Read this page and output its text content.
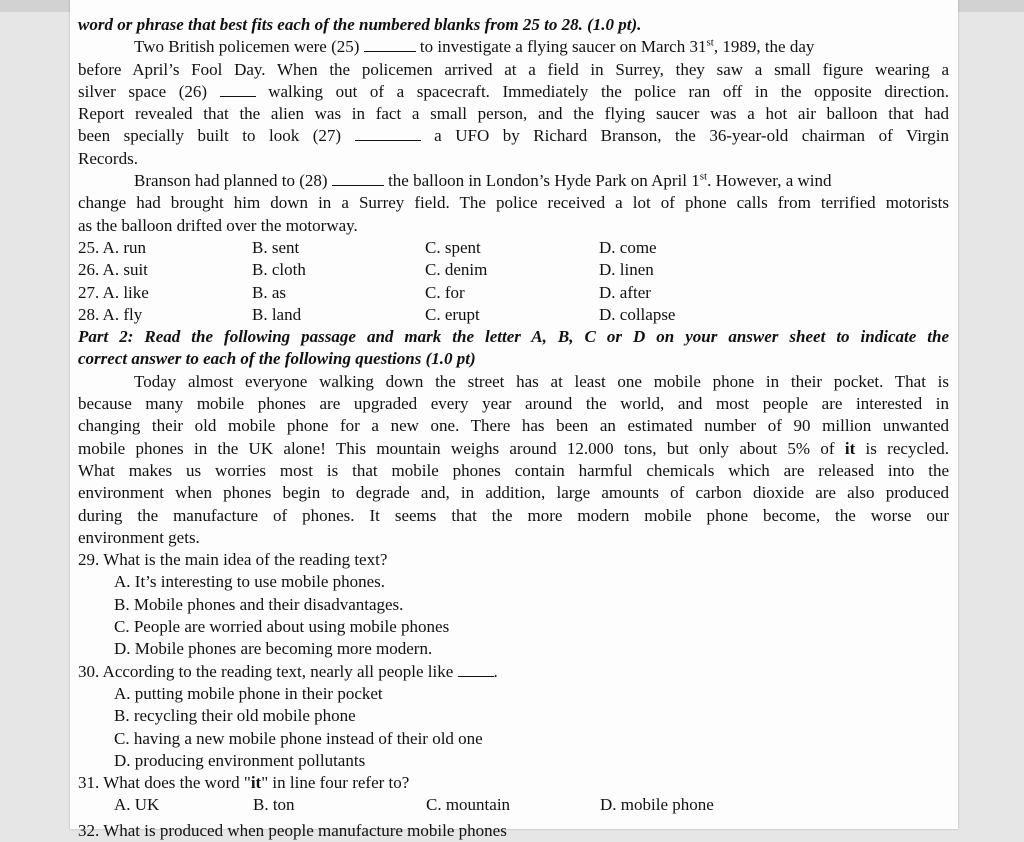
word or phrase that best fits each of the numbered blanks from 25 to 28. (1.0 pt).

Two British policemen were (25)	to investigate a flying saucer on March 31st, 1989, the day

before April’s Fool Day. When the policemen arrived at a field in Surrey, they saw a small figure wearing a

silver space (26)	walking out of a spacecraft. Immediately the police ran off in the opposite direction.

Report revealed that the alien was in fact a small person, and the flying saucer was a hot air balloon that had

been specially built to look (27)	a UFO by Richard Branson, the 36-year-old chairman of Virgin

Records.

Branson had planned to (28)	the balloon in London’s Hyde Park on April 1st. However, a wind

change had brought him down in a Surrey field. The police received a lot of phone calls from terrified motorists

as the balloon drifted over the motorway.

25. A. run	B. sent	C. spent	D. come
26. A. suit	B. cloth	C. denim	D. linen
27. A. like	B. as	C. for	D. after
28. A. fly	B. land	C. erupt	D. collapse

Part 2: Read the following passage and mark the letter A, B, C or D on your answer sheet to indicate the

correct answer to each of the following questions (1.0 pt)

Today almost everyone walking down the street has at least one mobile phone in their pocket. That is

because many mobile phones are upgraded every year around the world, and most people are interested in

changing their old mobile phone for a new one. There has been an estimated number of 90 million unwanted

mobile phones in the UK alone! This mountain weighs around 12.000 tons, but only about 5% of it is recycled.

What makes us worries most is that mobile phones contain harmful chemicals which are released into the

environment when phones begin to degrade and, in addition, large amounts of carbon dioxide are also produced

during the manufacture of phones. It seems that the more modern mobile phone become, the worse our

environment gets.

29. What is the main idea of the reading text?

A. It’s interesting to use mobile phones.

B. Mobile phones and their disadvantages.

C. People are worried about using mobile phones

D. Mobile phones are becoming more modern.

30. According to the reading text, nearly all people like .

A. putting mobile phone in their pocket

B. recycling their old mobile phone

C. having a new mobile phone instead of their old one

D. producing environment pollutants

31. What does the word "it" in line four refer to?

A. UK	B. ton	C. mountain	D. mobile phone
32. What is produced when people manufacture mobile phones
